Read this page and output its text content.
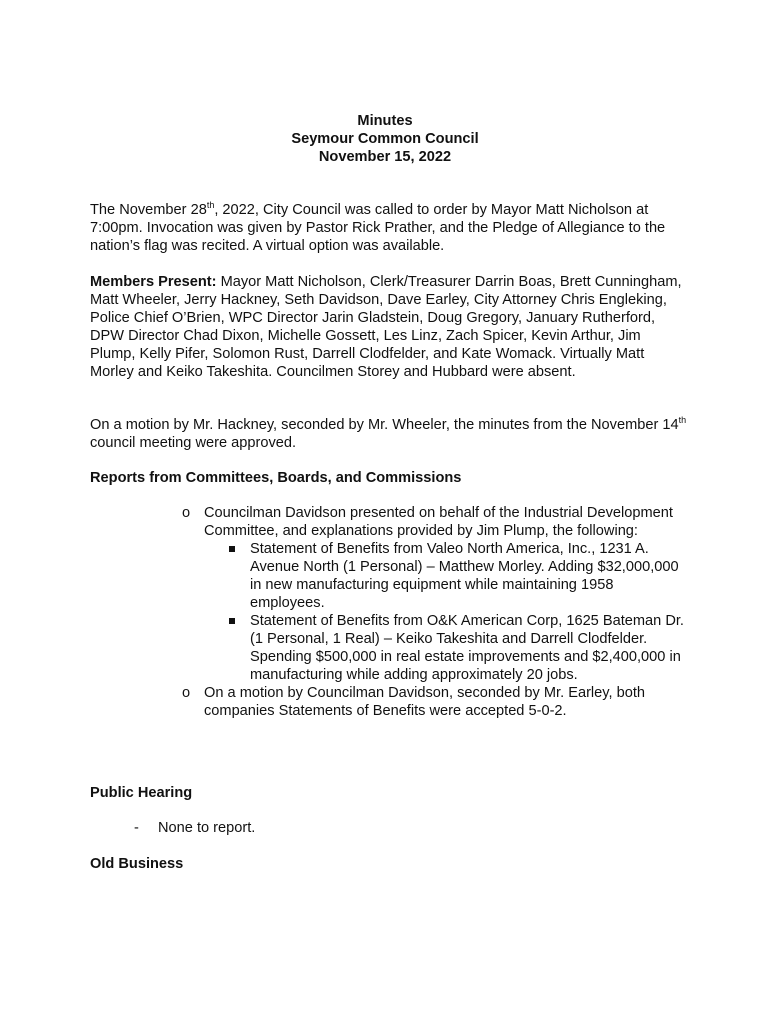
Minutes
Seymour Common Council
November 15, 2022

The November 28th, 2022, City Council was called to order by Mayor Matt Nicholson at 7:00pm. Invocation was given by Pastor Rick Prather, and the Pledge of Allegiance to the nation’s flag was recited. A virtual option was available.

Members Present: Mayor Matt Nicholson, Clerk/Treasurer Darrin Boas, Brett Cunningham, Matt Wheeler, Jerry Hackney, Seth Davidson, Dave Earley, City Attorney Chris Engleking, Police Chief O’Brien, WPC Director Jarin Gladstein, Doug Gregory, January Rutherford, DPW Director Chad Dixon, Michelle Gossett, Les Linz, Zach Spicer, Kevin Arthur, Jim Plump, Kelly Pifer, Solomon Rust, Darrell Clodfelder, and Kate Womack. Virtually Matt Morley and Keiko Takeshita. Councilmen Storey and Hubbard were absent.

On a motion by Mr. Hackney, seconded by Mr. Wheeler, the minutes from the November 14th council meeting were approved.

Reports from Committees, Boards, and Commissions

o Councilman Davidson presented on behalf of the Industrial Development Committee, and explanations provided by Jim Plump, the following:
Statement of Benefits from Valeo North America, Inc., 1231 A. Avenue North (1 Personal) – Matthew Morley. Adding $32,000,000 in new manufacturing equipment while maintaining 1958 employees.
Statement of Benefits from O&K American Corp, 1625 Bateman Dr. (1 Personal, 1 Real) – Keiko Takeshita and Darrell Clodfelder. Spending $500,000 in real estate improvements and $2,400,000 in manufacturing while adding approximately 20 jobs.
o On a motion by Councilman Davidson, seconded by Mr. Earley, both companies Statements of Benefits were accepted 5-0-2.

Public Hearing

- None to report.

Old Business
